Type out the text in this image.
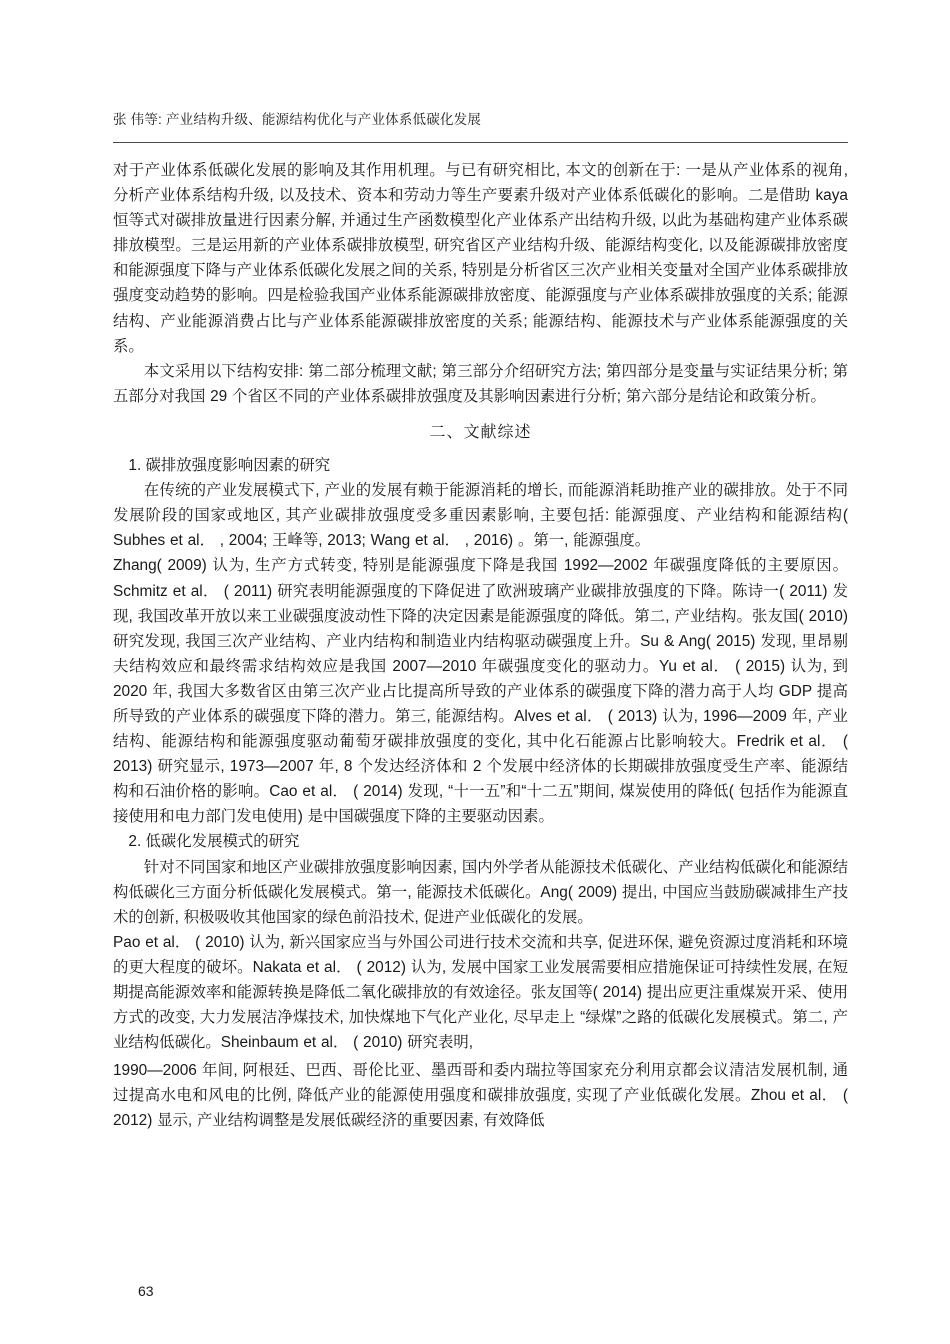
张 伟等: 产业结构升级、能源结构优化与产业体系低碳化发展

对于产业体系低碳化发展的影响及其作用机理。与已有研究相比, 本文的创新在于: 一是从产业体系的视角, 分析产业体系结构升级, 以及技术、资本和劳动力等生产要素升级对产业体系低碳化的影响。二是借助 kaya 恒等式对碳排放量进行因素分解, 并通过生产函数模型化产业体系产出结构升级, 以此为基础构建产业体系碳排放模型。三是运用新的产业体系碳排放模型, 研究省区产业结构升级、能源结构变化, 以及能源碳排放密度和能源强度下降与产业体系低碳化发展之间的关系, 特别是分析省区三次产业相关变量对全国产业体系碳排放强度变动趋势的影响。四是检验我国产业体系能源碳排放密度、能源强度与产业体系碳排放强度的关系; 能源结构、产业能源消费占比与产业体系能源碳排放密度的关系; 能源结构、能源技术与产业体系能源强度的关系。

本文采用以下结构安排: 第二部分梳理文献; 第三部分介绍研究方法; 第四部分是变量与实证结果分析; 第五部分对我国 29 个省区不同的产业体系碳排放强度及其影响因素进行分析; 第六部分是结论和政策分析。

二、文献综述
1. 碳排放强度影响因素的研究

在传统的产业发展模式下, 产业的发展有赖于能源消耗的增长, 而能源消耗助推产业的碳排放。处于不同发展阶段的国家或地区, 其产业碳排放强度受多重因素影响, 主要包括: 能源强度、产业结构和能源结构( Subhes et al． , 2004; 王峰等, 2013; Wang et al． , 2016) 。第一, 能源强度。

Zhang( 2009) 认为, 生产方式转变, 特别是能源强度下降是我国 1992—2002 年碳强度降低的主要原因。Schmitz et al． ( 2011) 研究表明能源强度的下降促进了欧洲玻璃产业碳排放强度的下降。陈诗一( 2011) 发现, 我国改革开放以来工业碳强度波动性下降的决定因素是能源强度的降低。第二, 产业结构。张友国( 2010) 研究发现, 我国三次产业结构、产业内结构和制造业内结构驱动碳强度上升。Su & Ang( 2015) 发现, 里昂剔夫结构效应和最终需求结构效应是我国 2007—2010 年碳强度变化的驱动力。Yu et al． ( 2015) 认为, 到 2020 年, 我国大多数省区由第三次产业占比提高所导致的产业体系的碳强度下降的潜力高于人均 GDP 提高所导致的产业体系的碳强度下降的潜力。第三, 能源结构。Alves et al． ( 2013) 认为, 1996—2009 年, 产业结构、能源结构和能源强度驱动葡萄牙碳排放强度的变化, 其中化石能源占比影响较大。Fredrik et al． ( 2013) 研究显示, 1973—2007 年, 8 个发达经济体和 2 个发展中经济体的长期碳排放强度受生产率、能源结构和石油价格的影响。Cao et al． ( 2014) 发现, “十一五”和“十二五”期间, 煤炭使用的降低( 包括作为能源直接使用和电力部门发电使用) 是中国碳强度下降的主要驱动因素。

2. 低碳化发展模式的研究

针对不同国家和地区产业碳排放强度影响因素, 国内外学者从能源技术低碳化、产业结构低碳化和能源结构低碳化三方面分析低碳化发展模式。第一, 能源技术低碳化。Ang( 2009) 提出, 中国应当鼓励碳减排生产技术的创新, 积极吸收其他国家的绿色前沿技术, 促进产业低碳化的发展。

Pao et al． ( 2010) 认为, 新兴国家应当与外国公司进行技术交流和共享, 促进环保, 避免资源过度消耗和环境的更大程度的破坏。Nakata et al． ( 2012) 认为, 发展中国家工业发展需要相应措施保证可持续性发展, 在短期提高能源效率和能源转换是降低二氧化碳排放的有效途径。张友国等( 2014) 提出应更注重煤炭开采、使用方式的改变, 大力发展洁净煤技术, 加快煤地下气化产业化, 尽早走上 “绿煤”之路的低碳化发展模式。第二, 产业结构低碳化。Sheinbaum et al． ( 2010) 研究表明,

1990—2006 年间, 阿根廷、巴西、哥伦比亚、墨西哥和委内瑞拉等国家充分利用京都会议清洁发展机制, 通过提高水电和风电的比例, 降低产业的能源使用强度和碳排放强度, 实现了产业低碳化发展。Zhou et al． ( 2012) 显示, 产业结构调整是发展低碳经济的重要因素, 有效降低

63
